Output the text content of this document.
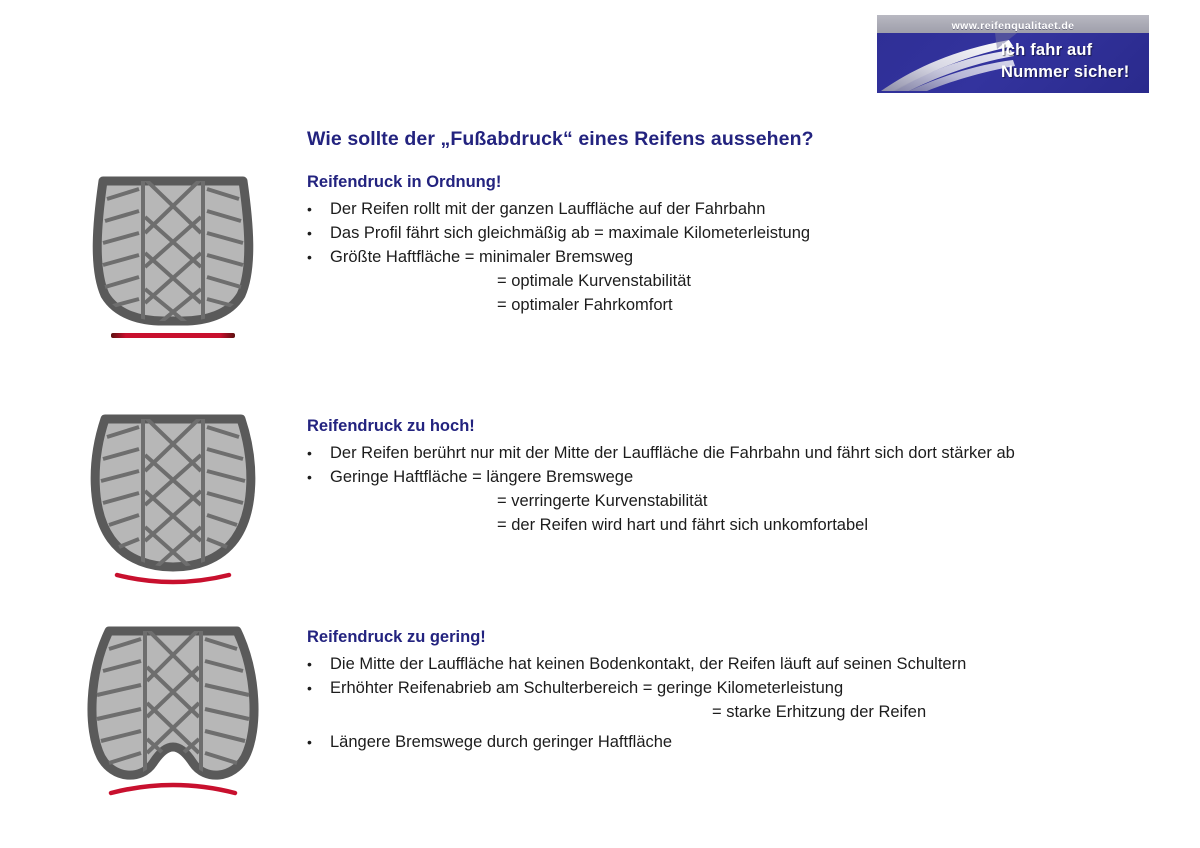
www.reifenqualitaet.de
Ich fahr auf
Nummer sicher!
Wie sollte der „Fußabdruck“ eines Reifens aussehen?
Reifendruck in Ordnung!
•	Der Reifen rollt mit der ganzen Lauffläche auf der Fahrbahn
•	Das Profil fährt sich gleichmäßig ab = maximale Kilometerleistung
•	Größte Haftfläche = minimaler Bremsweg
= optimale Kurvenstabilität
= optimaler Fahrkomfort
Reifendruck zu hoch!
•	Der Reifen berührt nur mit der Mitte der Lauffläche die Fahrbahn und fährt sich dort stärker ab
•	Geringe Haftfläche = längere Bremswege
= verringerte Kurvenstabilität
= der Reifen wird hart und fährt sich unkomfortabel
Reifendruck zu gering!
•	Die Mitte der Lauffläche hat keinen Bodenkontakt, der Reifen läuft auf seinen Schultern
•	Erhöhter Reifenabrieb am Schulterbereich = geringe Kilometerleistung
= starke Erhitzung der Reifen
•	Längere Bremswege durch geringer Haftfläche
